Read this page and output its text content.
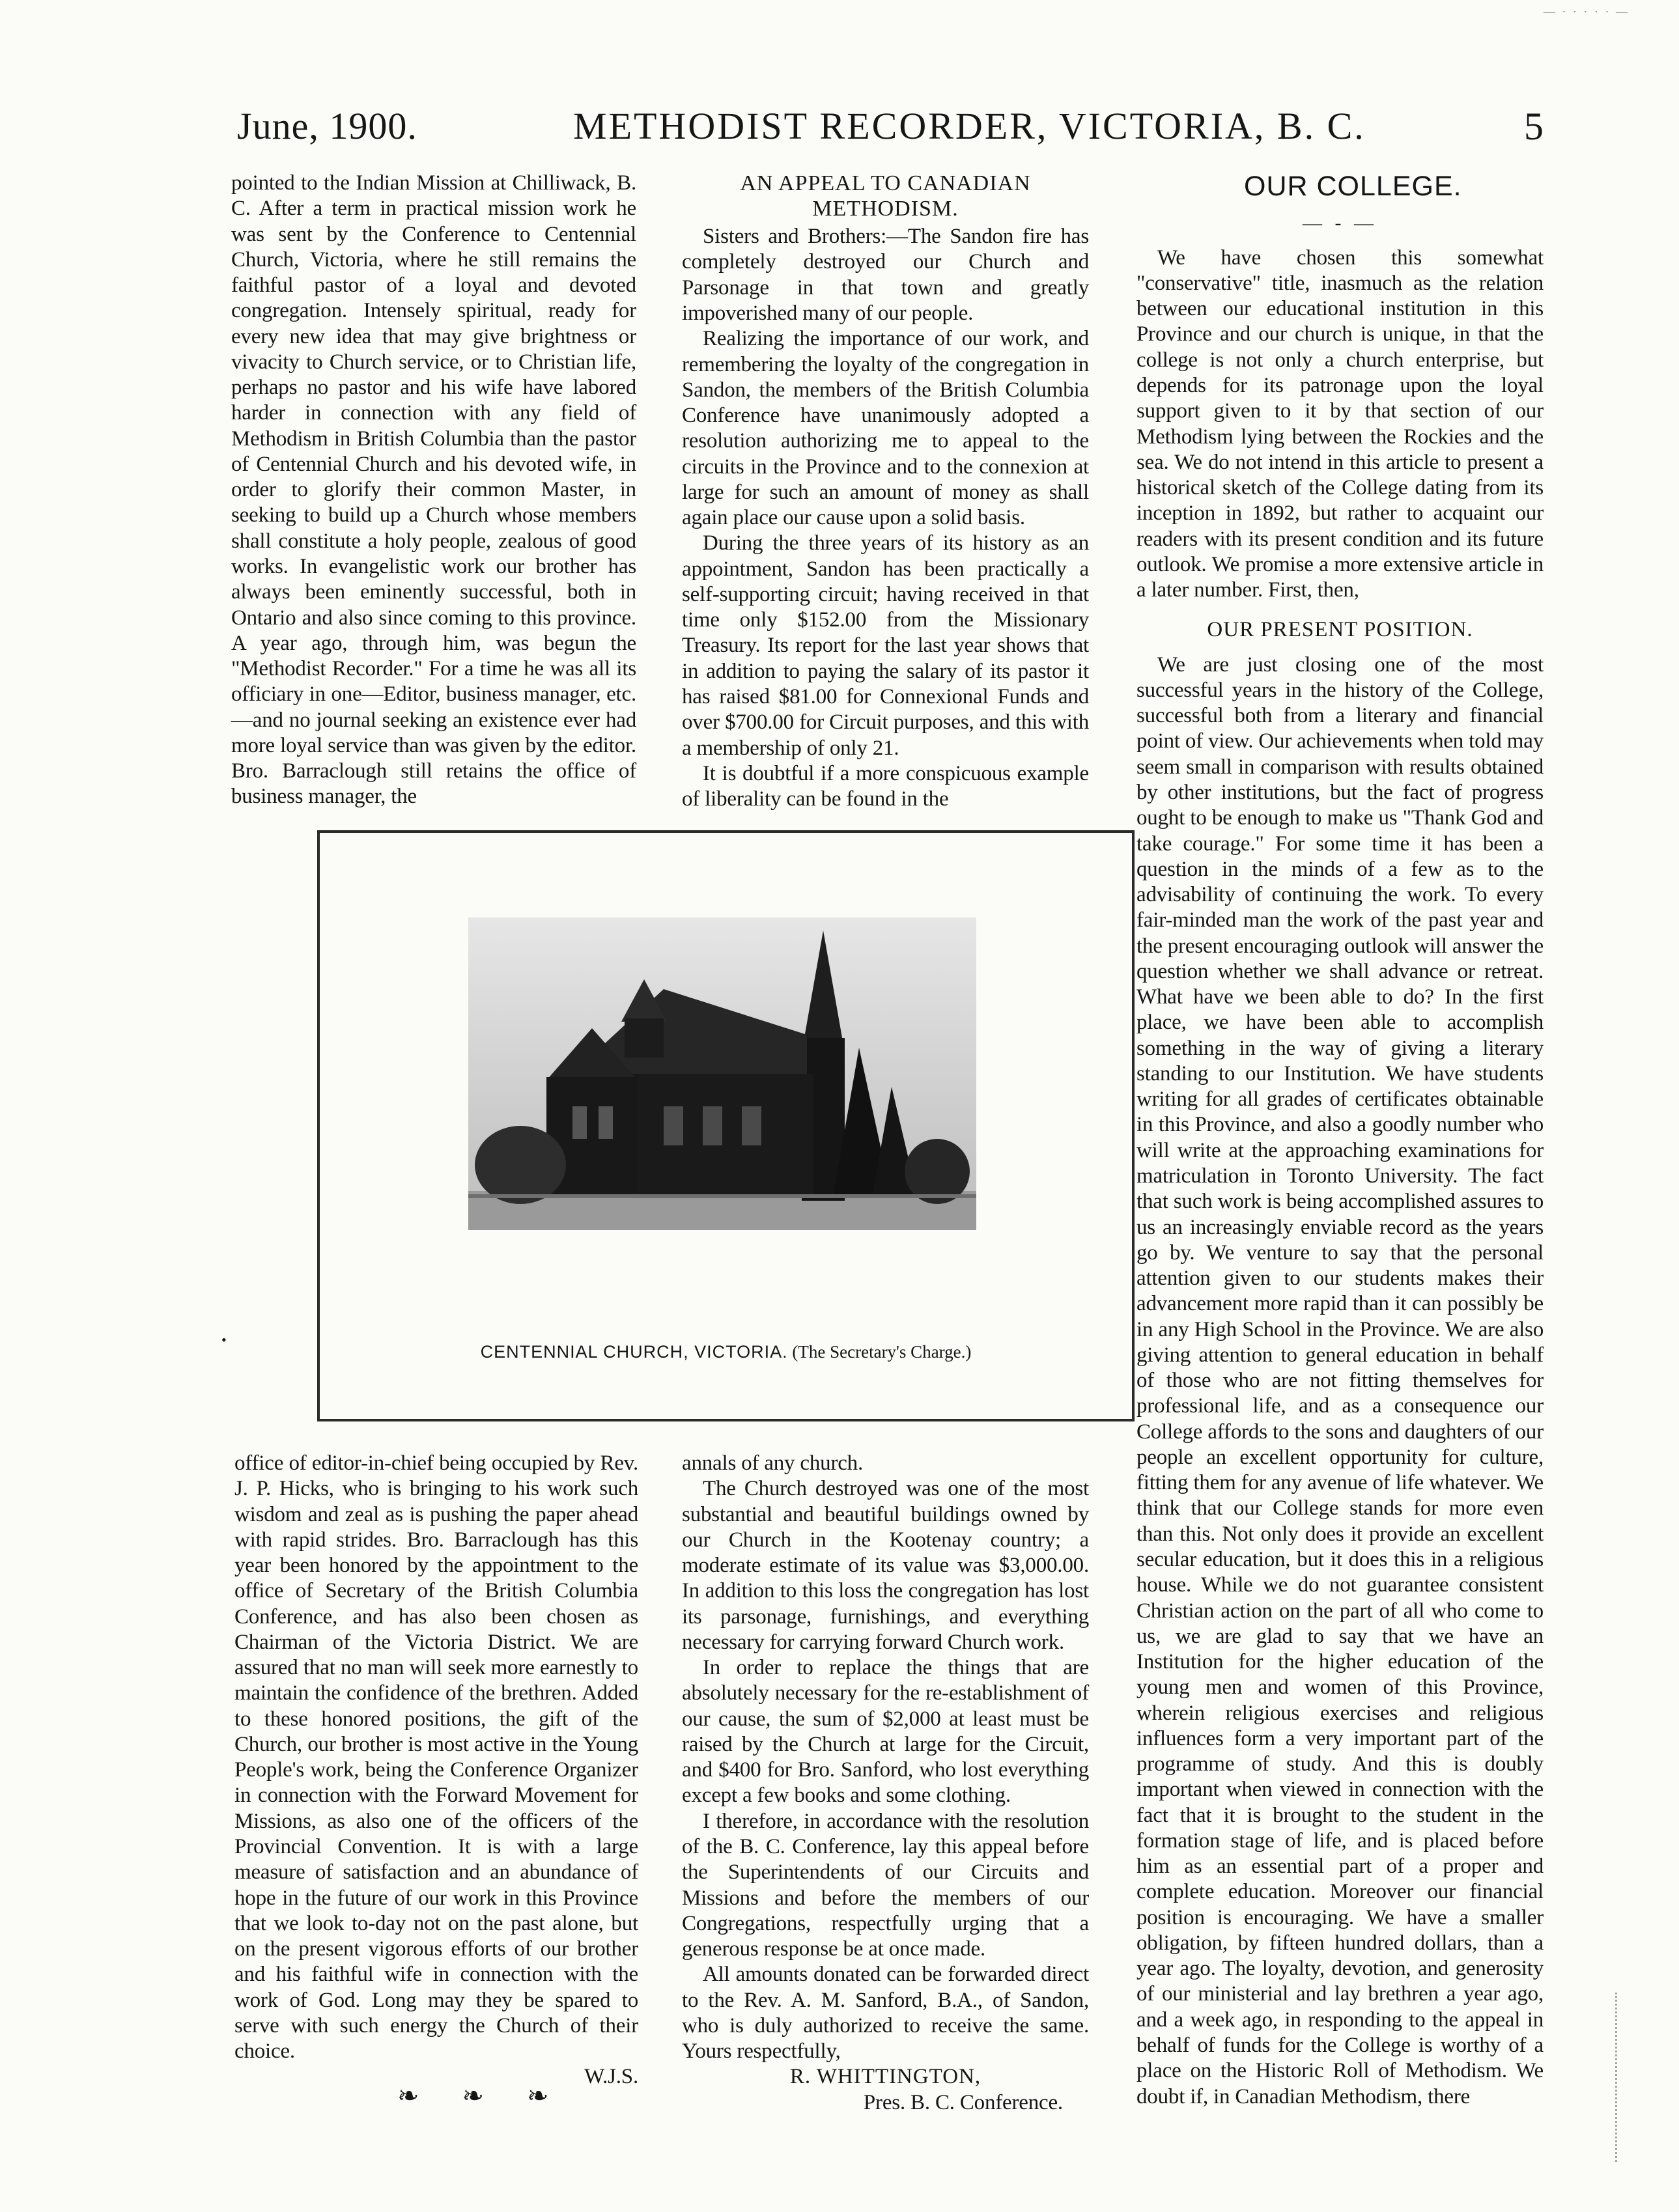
— · · · · · —
June, 1900.	METHODIST RECORDER, VICTORIA, B. C.	5

pointed to the Indian Mission at Chilliwack, B. C. After a term in practical mission work he was sent by the Conference to Centennial Church, Victoria, where he still remains the faithful pastor of a loyal and devoted congregation. Intensely spiritual, ready for every new idea that may give brightness or vivacity to Church service, or to Christian life, perhaps no pastor and his wife have labored harder in connection with any field of Methodism in British Columbia than the pastor of Centennial Church and his devoted wife, in order to glorify their common Master, in seeking to build up a Church whose members shall constitute a holy people, zealous of good works. In evangelistic work our brother has always been eminently successful, both in Ontario and also since coming to this province. A year ago, through him, was begun the "Methodist Recorder." For a time he was all its officiary in one—Editor, business manager, etc.—and no journal seeking an existence ever had more loyal service than was given by the editor. Bro. Barraclough still retains the office of business manager, the

AN APPEAL TO CANADIAN METHODISM.

Sisters and Brothers:—The Sandon fire has completely destroyed our Church and Parsonage in that town and greatly impoverished many of our people.

Realizing the importance of our work, and remembering the loyalty of the congregation in Sandon, the members of the British Columbia Conference have unanimously adopted a resolution authorizing me to appeal to the circuits in the Province and to the connexion at large for such an amount of money as shall again place our cause upon a solid basis.

During the three years of its history as an appointment, Sandon has been practically a self-supporting circuit; having received in that time only $152.00 from the Missionary Treasury. Its report for the last year shows that in addition to paying the salary of its pastor it has raised $81.00 for Connexional Funds and over $700.00 for Circuit purposes, and this with a membership of only 21.

It is doubtful if a more conspicuous example of liberality can be found in the

OUR COLLEGE.
— - —

We have chosen this somewhat "conservative" title, inasmuch as the relation between our educational institution in this Province and our church is unique, in that the college is not only a church enterprise, but depends for its patronage upon the loyal support given to it by that section of our Methodism lying between the Rockies and the sea. We do not intend in this article to present a historical sketch of the College dating from its inception in 1892, but rather to acquaint our readers with its present condition and its future outlook. We promise a more extensive article in a later number. First, then,

OUR PRESENT POSITION.

We are just closing one of the most successful years in the history of the College, successful both from a literary and financial point of view. Our achievements when told may seem small in comparison with results obtained by other institutions, but the fact of progress ought to be enough to make us "Thank God and take courage." For some time it has been a question in the minds of a few as to the advisability of continuing the work. To every fair-minded man the work of the past year and the present encouraging outlook will answer the question whether we shall advance or retreat. What have we been able to do? In the first place, we have been able to accomplish something in the way of giving a literary standing to our Institution. We have students writing for all grades of certificates obtainable in this Province, and also a goodly number who will write at the approaching examinations for matriculation in Toronto University. The fact that such work is being accomplished assures to us an increasingly enviable record as the years go by. We venture to say that the personal attention given to our students makes their advancement more rapid than it can possibly be in any High School in the Province. We are also giving attention to general education in behalf of those who are not fitting themselves for professional life, and as a consequence our College affords to the sons and daughters of our people an excellent opportunity for culture, fitting them for any avenue of life whatever. We think that our College stands for more even than this. Not only does it provide an excellent secular education, but it does this in a religious house. While we do not guarantee consistent Christian action on the part of all who come to us, we are glad to say that we have an Institution for the higher education of the young men and women of this Province, wherein religious exercises and religious influences form a very important part of the programme of study. And this is doubly important when viewed in connection with the fact that it is brought to the student in the formation stage of life, and is placed before him as an essential part of a proper and complete education. Moreover our financial position is encouraging. We have a smaller obligation, by fifteen hundred dollars, than a year ago. The loyalty, devotion, and generosity of our ministerial and lay brethren a year ago, and a week ago, in responding to the appeal in behalf of funds for the College is worthy of a place on the Historic Roll of Methodism. We doubt if, in Canadian Methodism, there

CENTENNIAL CHURCH, VICTORIA. (The Secretary's Charge.)
•

office of editor-in-chief being occupied by Rev. J. P. Hicks, who is bringing to his work such wisdom and zeal as is pushing the paper ahead with rapid strides. Bro. Barraclough has this year been honored by the appointment to the office of Secretary of the British Columbia Conference, and has also been chosen as Chairman of the Victoria District. We are assured that no man will seek more earnestly to maintain the confidence of the brethren. Added to these honored positions, the gift of the Church, our brother is most active in the Young People's work, being the Conference Organizer in connection with the Forward Movement for Missions, as also one of the officers of the Provincial Convention. It is with a large measure of satisfaction and an abundance of hope in the future of our work in this Province that we look to-day not on the past alone, but on the present vigorous efforts of our brother and his faithful wife in connection with the work of God. Long may they be spared to serve with such energy the Church of their choice.

W.J.S.

❧ ❧ ❧

annals of any church.

The Church destroyed was one of the most substantial and beautiful buildings owned by our Church in the Kootenay country; a moderate estimate of its value was $3,000.00. In addition to this loss the congregation has lost its parsonage, furnishings, and everything necessary for carrying forward Church work.

In order to replace the things that are absolutely necessary for the re-establishment of our cause, the sum of $2,000 at least must be raised by the Church at large for the Circuit, and $400 for Bro. Sanford, who lost everything except a few books and some clothing.

I therefore, in accordance with the resolution of the B. C. Conference, lay this appeal before the Superintendents of our Circuits and Missions and before the members of our Congregations, respectfully urging that a generous response be at once made.

All amounts donated can be forwarded direct to the Rev. A. M. Sanford, B.A., of Sandon, who is duly authorized to receive the same. Yours respectfully,

R. WHITTINGTON,

Pres. B. C. Conference.
